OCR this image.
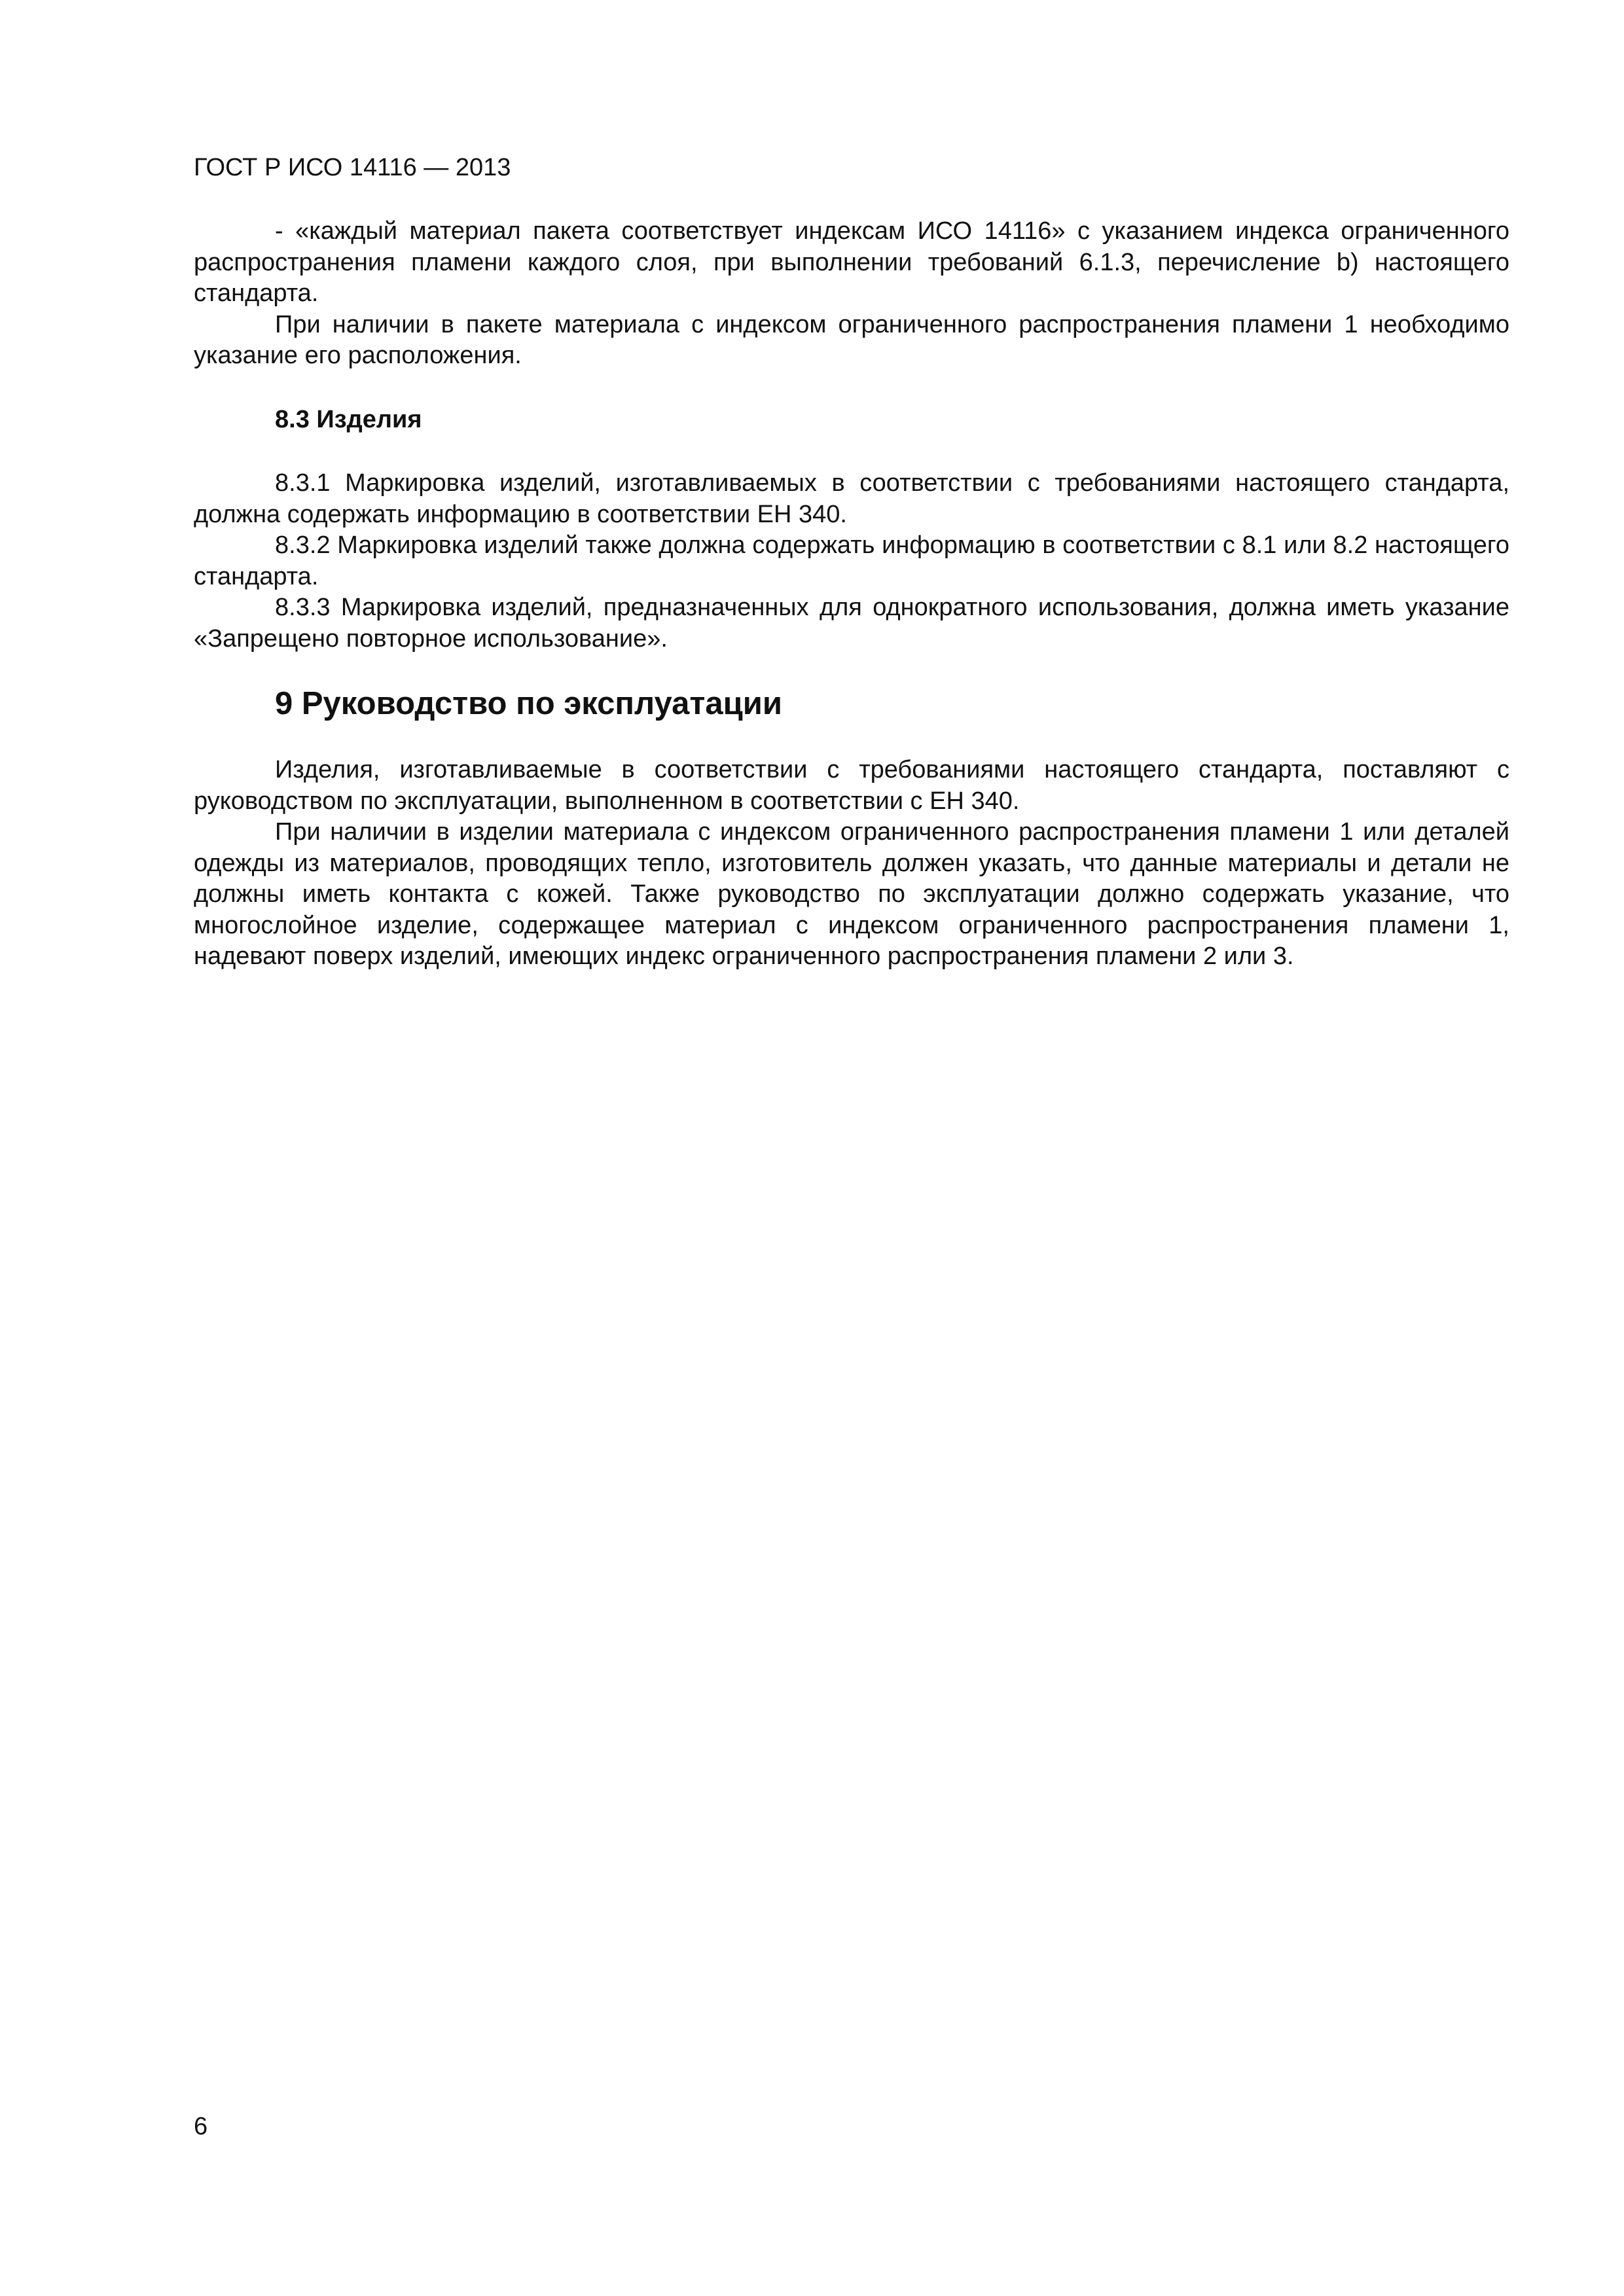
ГОСТ Р ИСО 14116 — 2013

- «каждый материал пакета соответствует индексам ИСО 14116» с указанием индекса ограниченного распространения пламени каждого слоя, при выполнении требований 6.1.3, перечисление b) настоящего стандарта.

При наличии в пакете материала с индексом ограниченного распространения пламени 1 необходимо указание его расположения.

8.3 Изделия

8.3.1 Маркировка изделий, изготавливаемых в соответствии с требованиями настоящего стандарта, должна содержать информацию в соответствии ЕН 340.

8.3.2 Маркировка изделий также должна содержать информацию в соответствии с 8.1 или 8.2 настоящего стандарта.

8.3.3 Маркировка изделий, предназначенных для однократного использования, должна иметь указание «Запрещено повторное использование».

9 Руководство по эксплуатации

Изделия, изготавливаемые в соответствии с требованиями настоящего стандарта, поставляют с руководством по эксплуатации, выполненном в соответствии с ЕН 340.

При наличии в изделии материала с индексом ограниченного распространения пламени 1 или деталей одежды из материалов, проводящих тепло, изготовитель должен указать, что данные материалы и детали не должны иметь контакта с кожей. Также руководство по эксплуатации должно содержать указание, что многослойное изделие, содержащее материал с индексом ограниченного распространения пламени 1, надевают поверх изделий, имеющих индекс ограниченного распространения пламени 2 или 3.

6
